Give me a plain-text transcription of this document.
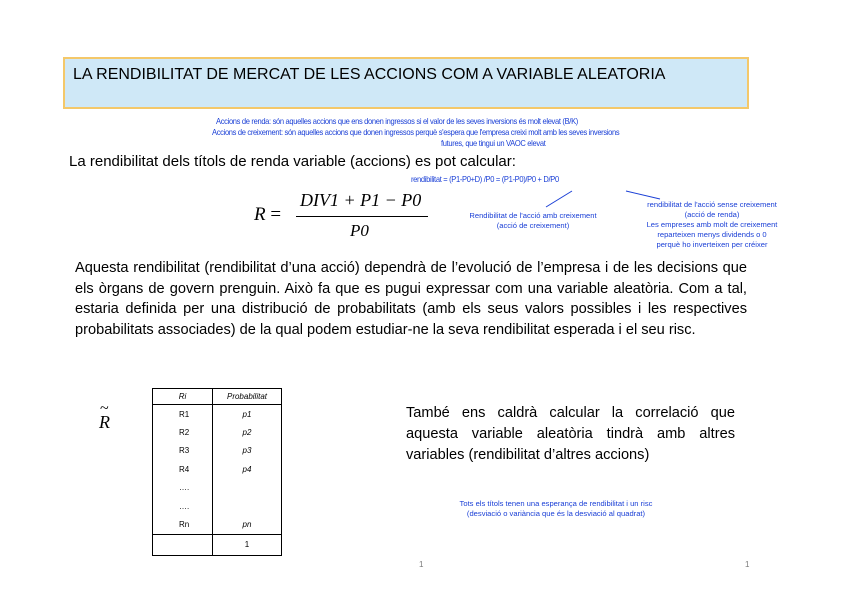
LA RENDIBILITAT DE MERCAT DE LES ACCIONS COM A VARIABLE ALEATORIA
Accions de renda: són aquelles accions que ens donen ingressos si el valor de les seves inversions és molt elevat (B/K)
Accions de creixement: són aquelles accions que donen ingressos perquè s'espera que l'empresa creixi molt amb les seves inversions
futures, que tingui un VAOC elevat
La rendibilitat dels títols de renda variable (accions) es pot calcular:
rendibilitat = (P1-P0+D) /P0 = (P1-P0)/P0 + D/P0
R =
DIV1 + P1 − P0
P0
Rendibilitat de l'acció amb creixement
(acció de creixement)
rendibilitat de l'acció sense creixement
(acció de renda)
Les empreses amb molt de creixement
reparteixen menys dividends o 0
perquè ho inverteixen per créixer
Aquesta rendibilitat (rendibilitat d’una acció) dependrà de l’evolució de l’empresa i de les decisions que els òrgans de govern prenguin. Això fa que es pugui expressar com una variable aleatòria. Com a tal, estaria definida per una distribució de probabilitats (amb els seus valors possibles i les respectives probabilitats associades) de la qual podem estudiar-ne la seva rendibilitat esperada i el seu risc.
~
R
Ri	Probabilitat
R1	p1
R2	p2
R3	p3
R4	p4
….	
….	
Rn	pn
	1
També ens caldrà calcular la correlació que aquesta variable aleatòria tindrà amb altres variables (rendibilitat d’altres accions)
Tots els títols tenen una esperança de rendibilitat i un risc
(desviació o variància que és la desviació al quadrat)
1	1
